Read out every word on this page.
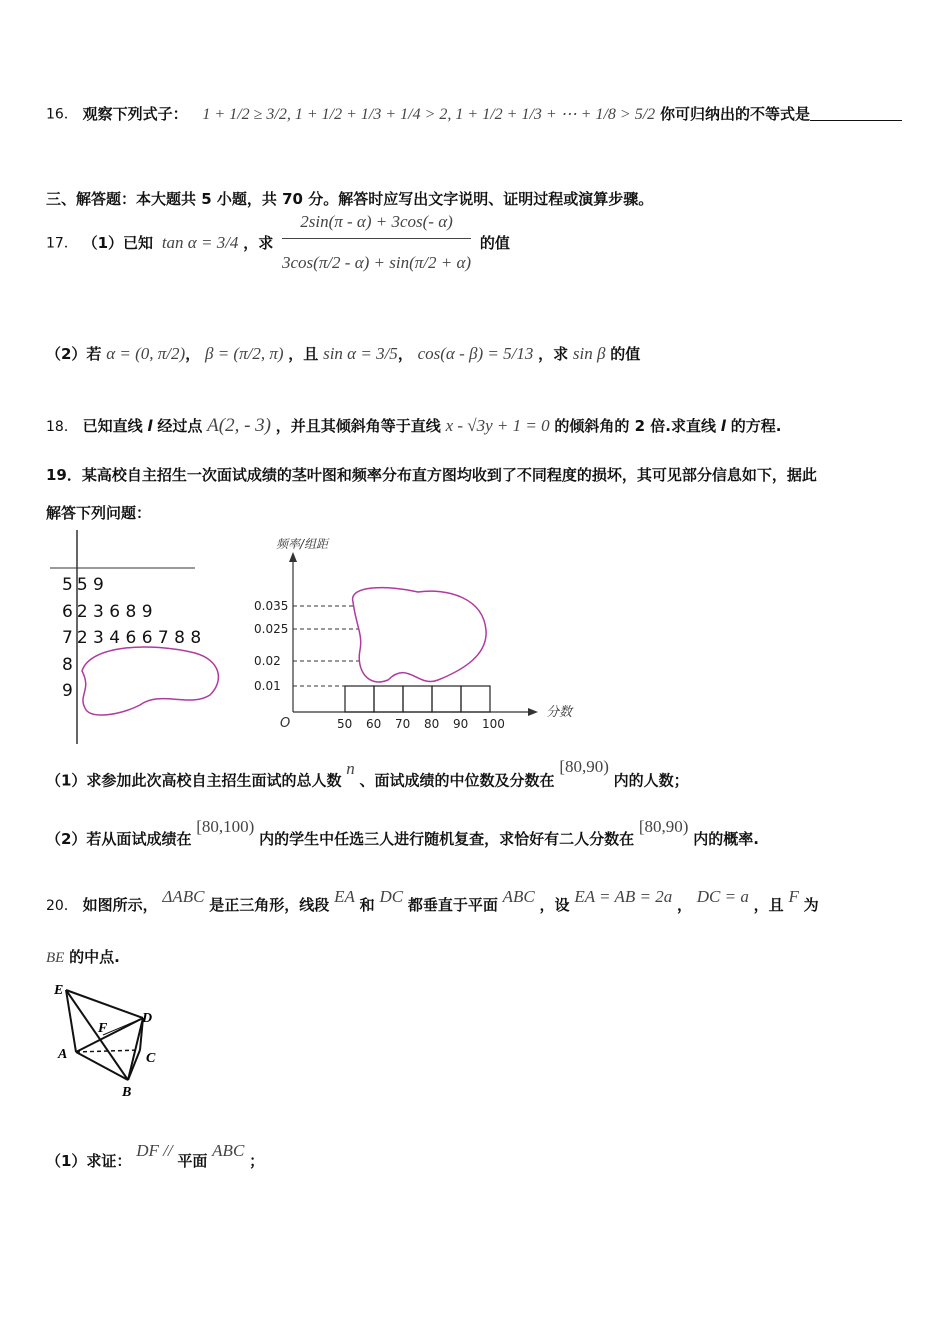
16． 观察下列式子： 1 + 1/2 ≥ 3/2, 1 + 1/2 + 1/3 + 1/4 > 2, 1 + 1/2 + 1/3 + ⋯ + 1/8 > 5/2 你可归纳出的不等式是
三、解答题：本大题共 5 小题，共 70 分。解答时应写出文字说明、证明过程或演算步骤。
17． （1）已知 tan α = 3/4 ，求 $\frac{2\sin(\pi - \alpha) + 3\cos(- \alpha)}{3\cos(\pi/2 - \alpha) + \sin(\pi/2 + \alpha)}$ 的值
（2）若 α = (0, π/2)， β = (π/2, π) ，且 sin α = 3/5， cos(α - β) = 5/13 ，求 sin β 的值
18． 已知直线 l 经过点 A(2, - 3) ，并且其倾斜角等于直线 x - √3y + 1 = 0 的倾斜角的 2 倍.求直线 l 的方程.
19．某高校自主招生一次面试成绩的茎叶图和频率分布直方图均收到了不同程度的损坏，其可见部分信息如下，据此
解答下列问题：
5 5 9
6 2 3 6 8 9
7 2 3 4 6 6 7 8 8
8
9
频率/组距
分数
O
0.035
0.025
0.02
0.01
50 60 70 80 90 100
（1）求参加此次高校自主招生面试的总人数 n 、面试成绩的中位数及分数在 [80,90) 内的人数；
（2）若从面试成绩在 [80,100) 内的学生中任选三人进行随机复查，求恰好有二人分数在 [80,90) 内的概率.
20． 如图所示， ΔABC 是正三角形，线段 EA 和 DC 都垂直于平面 ABC ，设 EA = AB = 2a ， DC = a ，且 F 为
BE 的中点.
E
D
F
A	C
B
（1）求证： DF // 平面 ABC ；
